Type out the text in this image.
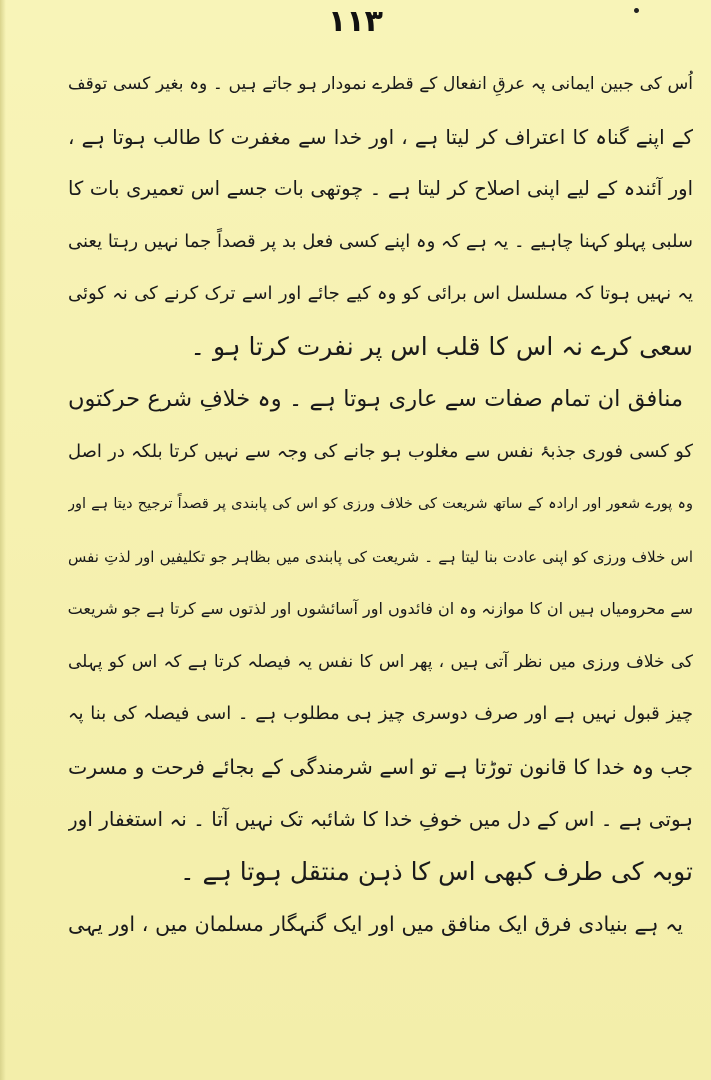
۱۱۳
اُس کی جبین ایمانی پہ عرقِ انفعال کے قطرے نمودار ہو جاتے ہیں ۔ وہ بغیر کسی توقف
کے اپنے گناہ کا اعتراف کر لیتا ہے ، اور خدا سے مغفرت کا طالب ہوتا ہے ،
اور آئندہ کے لیے اپنی اصلاح کر لیتا ہے ۔ چوتھی بات جسے اس تعمیری بات کا
سلبی پہلو کہنا چاہیے ۔ یہ ہے کہ وہ اپنے کسی فعل بد پر قصداً جما نہیں رہتا یعنی
یہ نہیں ہوتا کہ مسلسل اس برائی کو وہ کیے جائے اور اسے ترک کرنے کی نہ کوئی
سعی کرے نہ اس کا قلب اس پر نفرت کرتا ہو ۔
منافق ان تمام صفات سے عاری ہوتا ہے ۔ وہ خلافِ شرع حرکتوں
کو کسی فوری جذبۂ نفس سے مغلوب ہو جانے کی وجہ سے نہیں کرتا بلکہ در اصل
وہ پورے شعور اور ارادہ کے ساتھ شریعت کی خلاف ورزی کو اس کی پابندی پر قصداً ترجیح دیتا ہے اور
اس خلاف ورزی کو اپنی عادت بنا لیتا ہے ۔ شریعت کی پابندی میں بظاہر جو تکلیفیں اور لذتِ نفس
سے محرومیاں ہیں ان کا موازنہ وہ ان فائدوں اور آسائشوں اور لذتوں سے کرتا ہے جو شریعت
کی خلاف ورزی میں نظر آتی ہیں ، پھر اس کا نفس یہ فیصلہ کرتا ہے کہ اس کو پہلی
چیز قبول نہیں ہے اور صرف دوسری چیز ہی مطلوب ہے ۔ اسی فیصلہ کی بنا پہ
جب وہ خدا کا قانون توڑتا ہے تو اسے شرمندگی کے بجائے فرحت و مسرت
ہوتی ہے ۔ اس کے دل میں خوفِ خدا کا شائبہ تک نہیں آتا ۔ نہ استغفار اور
توبہ کی طرف کبھی اس کا ذہن منتقل ہوتا ہے ۔
یہ ہے بنیادی فرق ایک منافق میں اور ایک گنہگار مسلمان میں ، اور یہی
